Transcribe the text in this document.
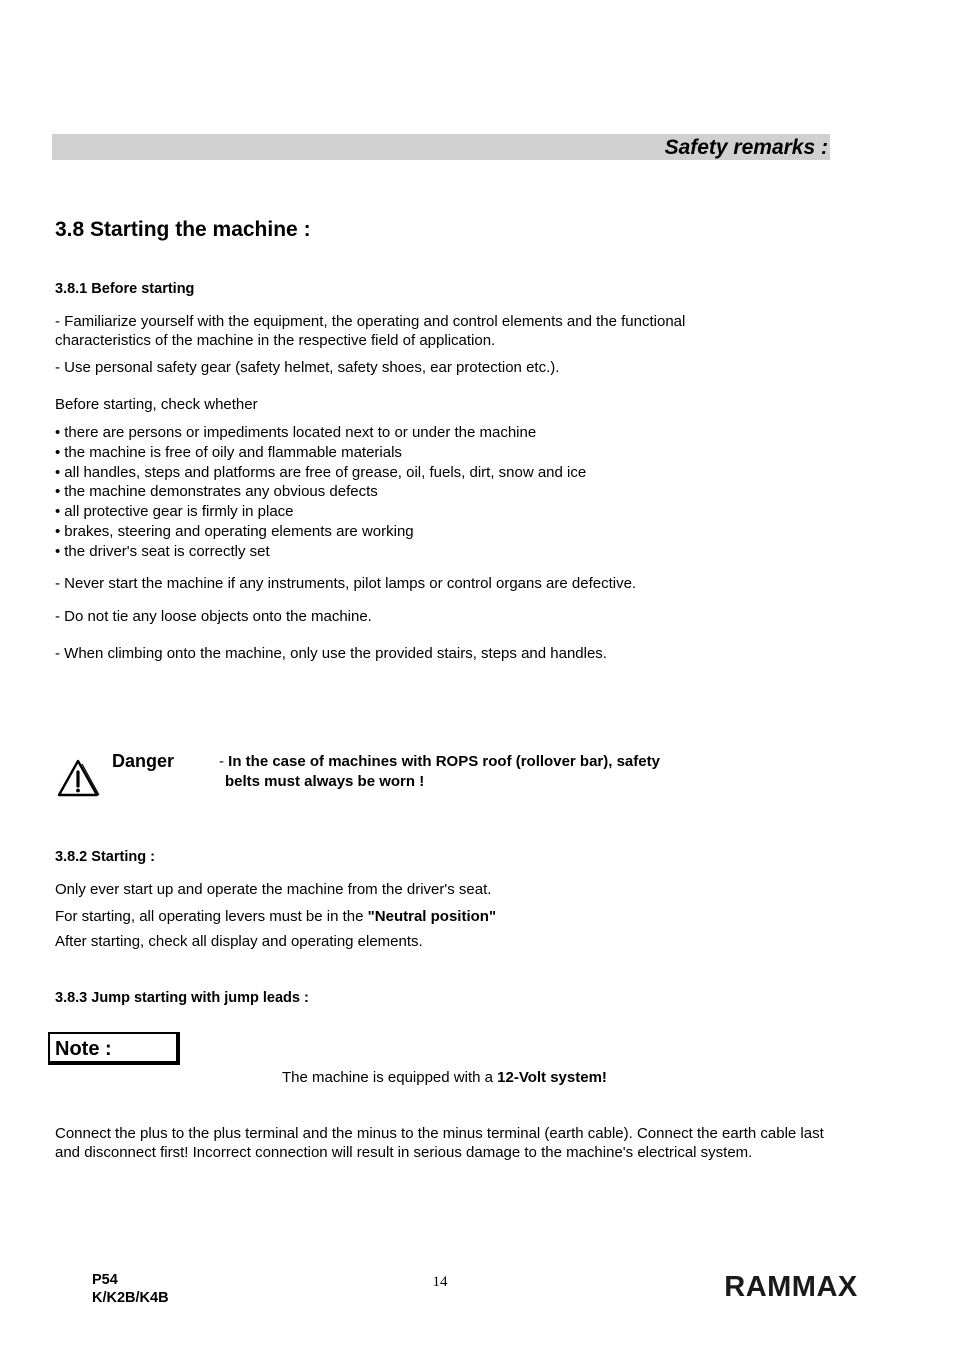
Safety remarks :
3.8 Starting the machine :
3.8.1 Before starting
- Familiarize yourself with the equipment, the operating and control elements and the functional
characteristics of the machine in the respective field of application.
- Use personal safety gear (safety helmet, safety shoes, ear protection etc.).
Before starting, check whether
• there are persons or impediments located next to or under the machine
• the machine is free of oily and flammable materials
• all handles, steps and platforms are free of grease, oil, fuels, dirt, snow and ice
• the machine demonstrates any obvious defects
• all protective gear is firmly in place
• brakes, steering and operating elements are working
• the driver's seat is correctly set
- Never start the machine if any instruments, pilot lamps or control organs are defective.
- Do not tie any loose objects onto the machine.
- When climbing onto the machine, only use the provided stairs, steps and handles.
Danger	- In the case of machines with ROPS roof (rollover bar), safety
belts must always be worn !
3.8.2 Starting :
Only ever start up and operate the machine from the driver's seat.
For starting, all operating levers must be in the "Neutral position"
After starting, check all display and operating elements.
3.8.3 Jump starting with jump leads :
Note :
The machine is equipped with a 12-Volt system!
Connect the plus to the plus terminal and the minus to the minus terminal (earth cable). Connect the earth cable last and disconnect first! Incorrect connection will result in serious damage to the machine's electrical system.
P54
K/K2B/K4B
14	RAMMAX
